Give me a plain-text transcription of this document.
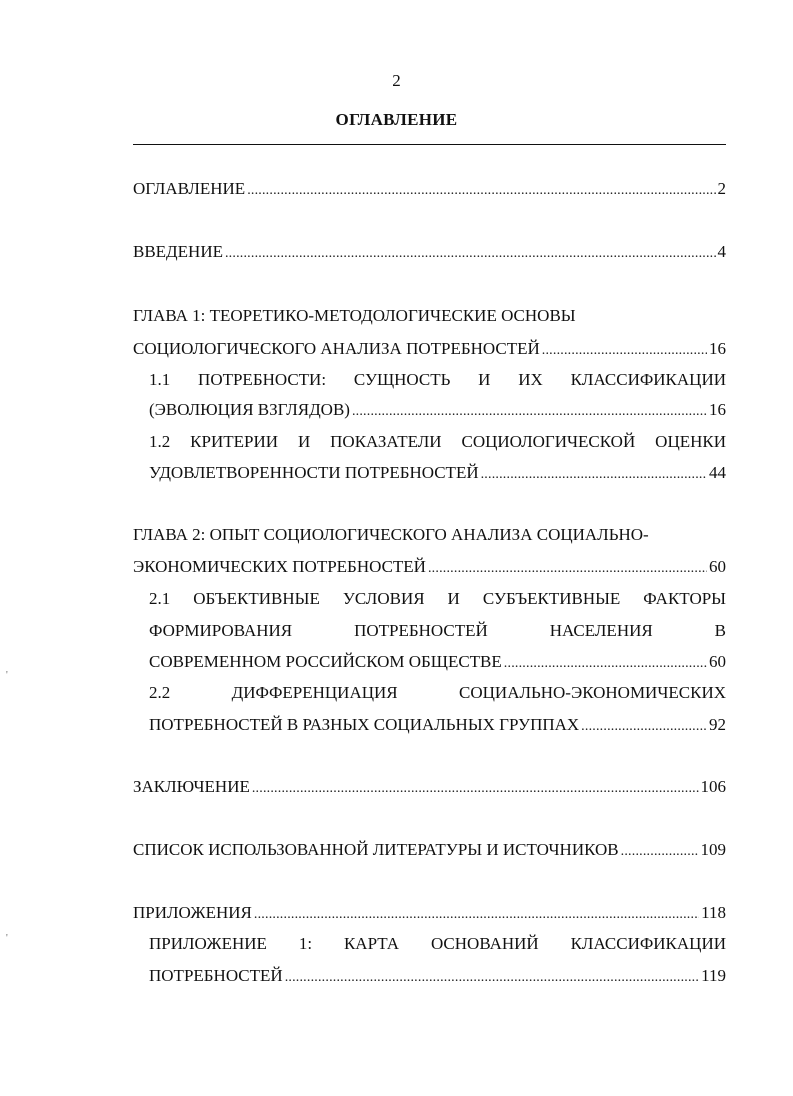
2
ОГЛАВЛЕНИЕ
ОГЛАВЛЕНИЕ .....	2
ВВЕДЕНИЕ .....	4
ГЛАВА 1: ТЕОРЕТИКО-МЕТОДОЛОГИЧЕСКИЕ ОСНОВЫ
СОЦИОЛОГИЧЕСКОГО АНАЛИЗА ПОТРЕБНОСТЕЙ .....	16
1.1 ПОТРЕБНОСТИ: СУЩНОСТЬ И ИХ КЛАССИФИКАЦИИ
(ЭВОЛЮЦИЯ ВЗГЛЯДОВ) .....	16
1.2 КРИТЕРИИ И ПОКАЗАТЕЛИ СОЦИОЛОГИЧЕСКОЙ ОЦЕНКИ
УДОВЛЕТВОРЕННОСТИ ПОТРЕБНОСТЕЙ .....	44
ГЛАВА 2: ОПЫТ СОЦИОЛОГИЧЕСКОГО АНАЛИЗА СОЦИАЛЬНО-
ЭКОНОМИЧЕСКИХ ПОТРЕБНОСТЕЙ .....	60
2.1 ОБЪЕКТИВНЫЕ УСЛОВИЯ И СУБЪЕКТИВНЫЕ ФАКТОРЫ
ФОРМИРОВАНИЯ ПОТРЕБНОСТЕЙ НАСЕЛЕНИЯ В
СОВРЕМЕННОМ РОССИЙСКОМ ОБЩЕСТВЕ .....	60
2.2 ДИФФЕРЕНЦИАЦИЯ СОЦИАЛЬНО-ЭКОНОМИЧЕСКИХ
ПОТРЕБНОСТЕЙ В РАЗНЫХ СОЦИАЛЬНЫХ ГРУППАХ .....	92
ЗАКЛЮЧЕНИЕ .....	106
СПИСОК ИСПОЛЬЗОВАННОЙ ЛИТЕРАТУРЫ И ИСТОЧНИКОВ .....	109
ПРИЛОЖЕНИЯ .....	118
ПРИЛОЖЕНИЕ 1: КАРТА ОСНОВАНИЙ КЛАССИФИКАЦИИ
ПОТРЕБНОСТЕЙ .....	119
'
'
